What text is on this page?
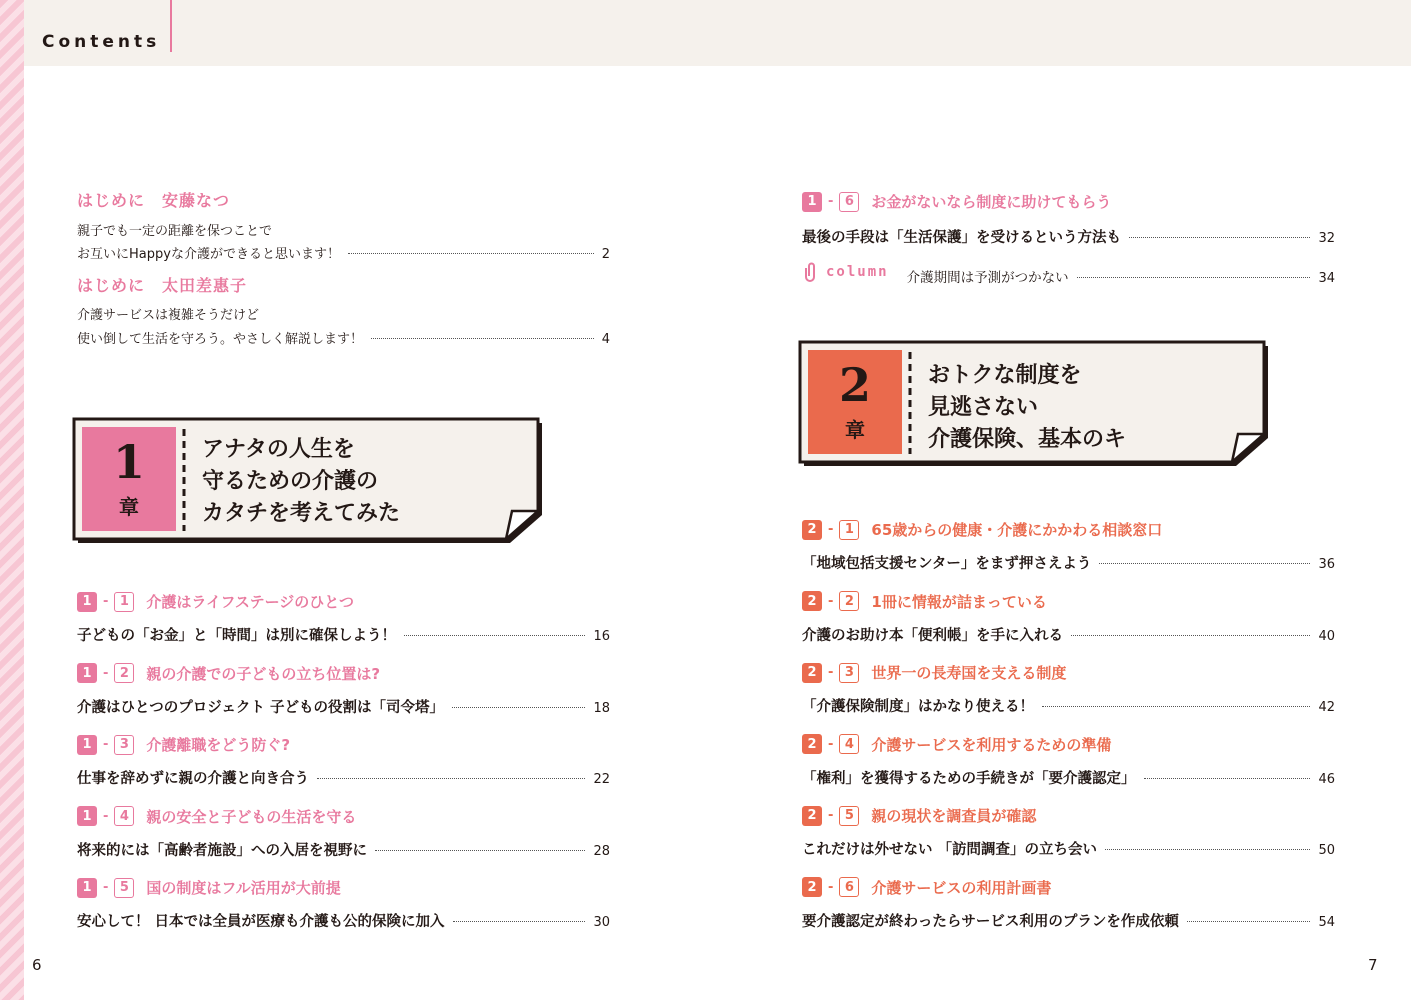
Contents
はじめに　安藤なつ
親子でも一定の距離を保つことで
お互いにHappyな介護ができると思います！	2
はじめに　太田差惠子
介護サービスは複雑そうだけど
使い倒して生活を守ろう。やさしく解説します！	4
1
章
アナタの人生を
守るための介護の
カタチを考えてみた
1 - 1	介護はライフステージのひとつ
子どもの「お金」と「時間」は別に確保しよう！	16
1 - 2	親の介護での子どもの立ち位置は?
介護はひとつのプロジェクト 子どもの役割は「司令塔」	18
1 - 3	介護離職をどう防ぐ?
仕事を辞めずに親の介護と向き合う	22
1 - 4	親の安全と子どもの生活を守る
将来的には「高齢者施設」への入居を視野に	28
1 - 5	国の制度はフル活用が大前提
安心して！ 日本では全員が医療も介護も公的保険に加入	30
1 - 6	お金がないなら制度に助けてもらう
最後の手段は「生活保護」を受けるという方法も	32
column 介護期間は予測がつかない	34
2
章
おトクな制度を
見逃さない
介護保険、基本のキ
2 - 1	65歳からの健康・介護にかかわる相談窓口
「地域包括支援センター」をまず押さえよう	36
2 - 2	1冊に情報が詰まっている
介護のお助け本「便利帳」を手に入れる	40
2 - 3	世界一の長寿国を支える制度
「介護保険制度」はかなり使える！	42
2 - 4	介護サービスを利用するための準備
「権利」を獲得するための手続きが「要介護認定」	46
2 - 5	親の現状を調査員が確認
これだけは外せない 「訪問調査」の立ち会い	50
2 - 6	介護サービスの利用計画書
要介護認定が終わったらサービス利用のプランを作成依頼	54
6	7
